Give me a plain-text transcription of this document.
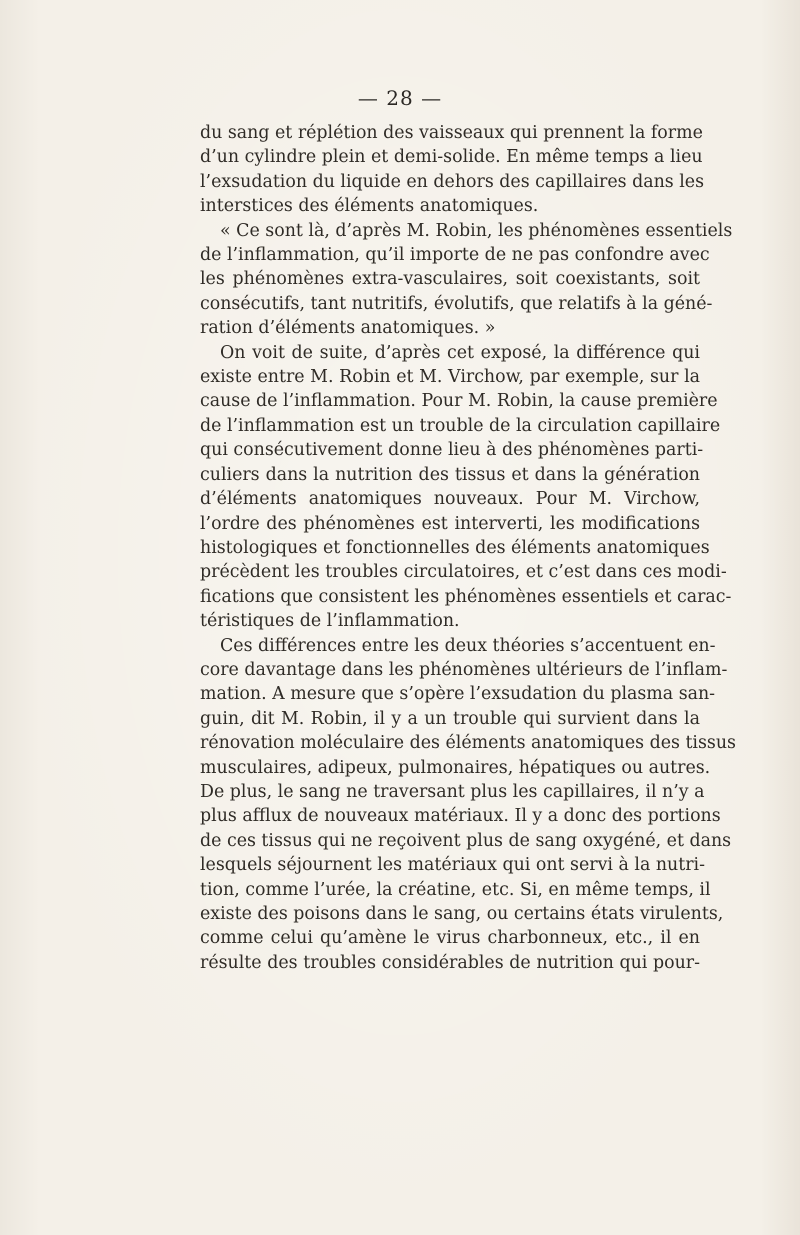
— 28 —

du sang et réplétion des vaisseaux qui prennent la forme
d’un cylindre plein et demi-solide. En même temps a lieu
l’exsudation du liquide en dehors des capillaires dans les
interstices des éléments anatomiques.

« Ce sont là, d’après M. Robin, les phénomènes essentiels
de l’inflammation, qu’il importe de ne pas confondre avec
les phénomènes extra-vasculaires, soit coexistants, soit
consécutifs, tant nutritifs, évolutifs, que relatifs à la géné-
ration d’éléments anatomiques. »

On voit de suite, d’après cet exposé, la différence qui
existe entre M. Robin et M. Virchow, par exemple, sur la
cause de l’inflammation. Pour M. Robin, la cause première
de l’inflammation est un trouble de la circulation capillaire
qui consécutivement donne lieu à des phénomènes parti-
culiers dans la nutrition des tissus et dans la génération
d’éléments anatomiques nouveaux. Pour M. Virchow,
l’ordre des phénomènes est interverti, les modifications
histologiques et fonctionnelles des éléments anatomiques
précèdent les troubles circulatoires, et c’est dans ces modi-
fications que consistent les phénomènes essentiels et carac-
téristiques de l’inflammation.

Ces différences entre les deux théories s’accentuent en-
core davantage dans les phénomènes ultérieurs de l’inflam-
mation. A mesure que s’opère l’exsudation du plasma san-
guin, dit M. Robin, il y a un trouble qui survient dans la
rénovation moléculaire des éléments anatomiques des tissus
musculaires, adipeux, pulmonaires, hépatiques ou autres.
De plus, le sang ne traversant plus les capillaires, il n’y a
plus afflux de nouveaux matériaux. Il y a donc des portions
de ces tissus qui ne reçoivent plus de sang oxygéné, et dans
lesquels séjournent les matériaux qui ont servi à la nutri-
tion, comme l’urée, la créatine, etc. Si, en même temps, il
existe des poisons dans le sang, ou certains états virulents,
comme celui qu’amène le virus charbonneux, etc., il en
résulte des troubles considérables de nutrition qui pour-
